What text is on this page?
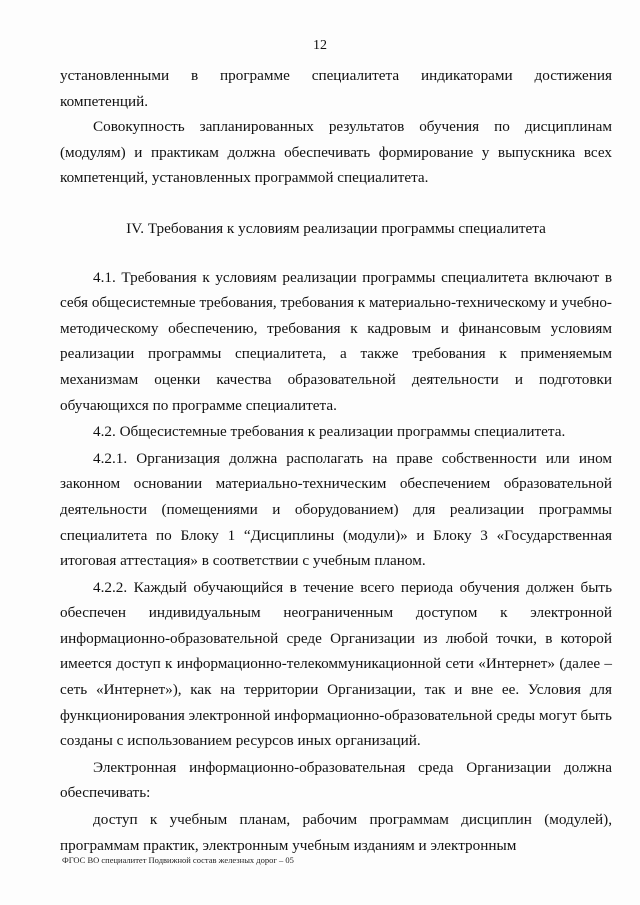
12

установленными в программе специалитета индикаторами достижения компетенций.

Совокупность запланированных результатов обучения по дисциплинам (модулям) и практикам должна обеспечивать формирование у выпускника всех компетенций, установленных программой специалитета.

IV. Требования к условиям реализации программы специалитета

4.1. Требования к условиям реализации программы специалитета включают в себя общесистемные требования, требования к материально-техническому и учебно-методическому обеспечению, требования к кадровым и финансовым условиям реализации программы специалитета, а также требования к применяемым механизмам оценки качества образовательной деятельности и подготовки обучающихся по программе специалитета.

4.2. Общесистемные требования к реализации программы специалитета.

4.2.1. Организация должна располагать на праве собственности или ином законном основании материально-техническим обеспечением образовательной деятельности (помещениями и оборудованием) для реализации программы специалитета по Блоку 1 “Дисциплины (модули)» и Блоку 3 «Государственная итоговая аттестация» в соответствии с учебным планом.

4.2.2. Каждый обучающийся в течение всего периода обучения должен быть обеспечен индивидуальным неограниченным доступом к электронной информационно-образовательной среде Организации из любой точки, в которой имеется доступ к информационно-телекоммуникационной сети «Интернет» (далее – сеть «Интернет»), как на территории Организации, так и вне ее. Условия для функционирования электронной информационно-образовательной среды могут быть созданы с использованием ресурсов иных организаций.

Электронная информационно-образовательная среда Организации должна обеспечивать:

доступ к учебным планам, рабочим программам дисциплин (модулей), программам практик, электронным учебным изданиям и электронным

ФГОС ВО специалитет Подвижной состав железных дорог – 05
